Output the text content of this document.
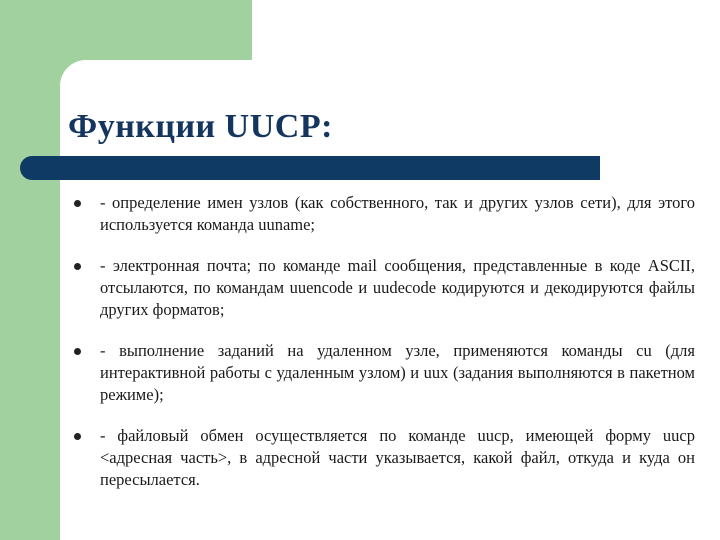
Функции UUCP:
- определение имен узлов (как собственного, так и других узлов сети), для этого используется команда uuname;
- электронная почта; по команде mail сообщения, представленные в коде ASCII, отсылаются, по командам uuencode и uudecode кодируются и декодируются файлы других форматов;
- выполнение заданий на удаленном узле, применяются команды cu (для интерактивной работы с удаленным узлом) и uux (задания выполняются в пакетном режиме);
- файловый обмен осуществляется по команде uucp, имеющей форму uucp <адресная часть>, в адресной части указывается, какой файл, откуда и куда он пересылается.
